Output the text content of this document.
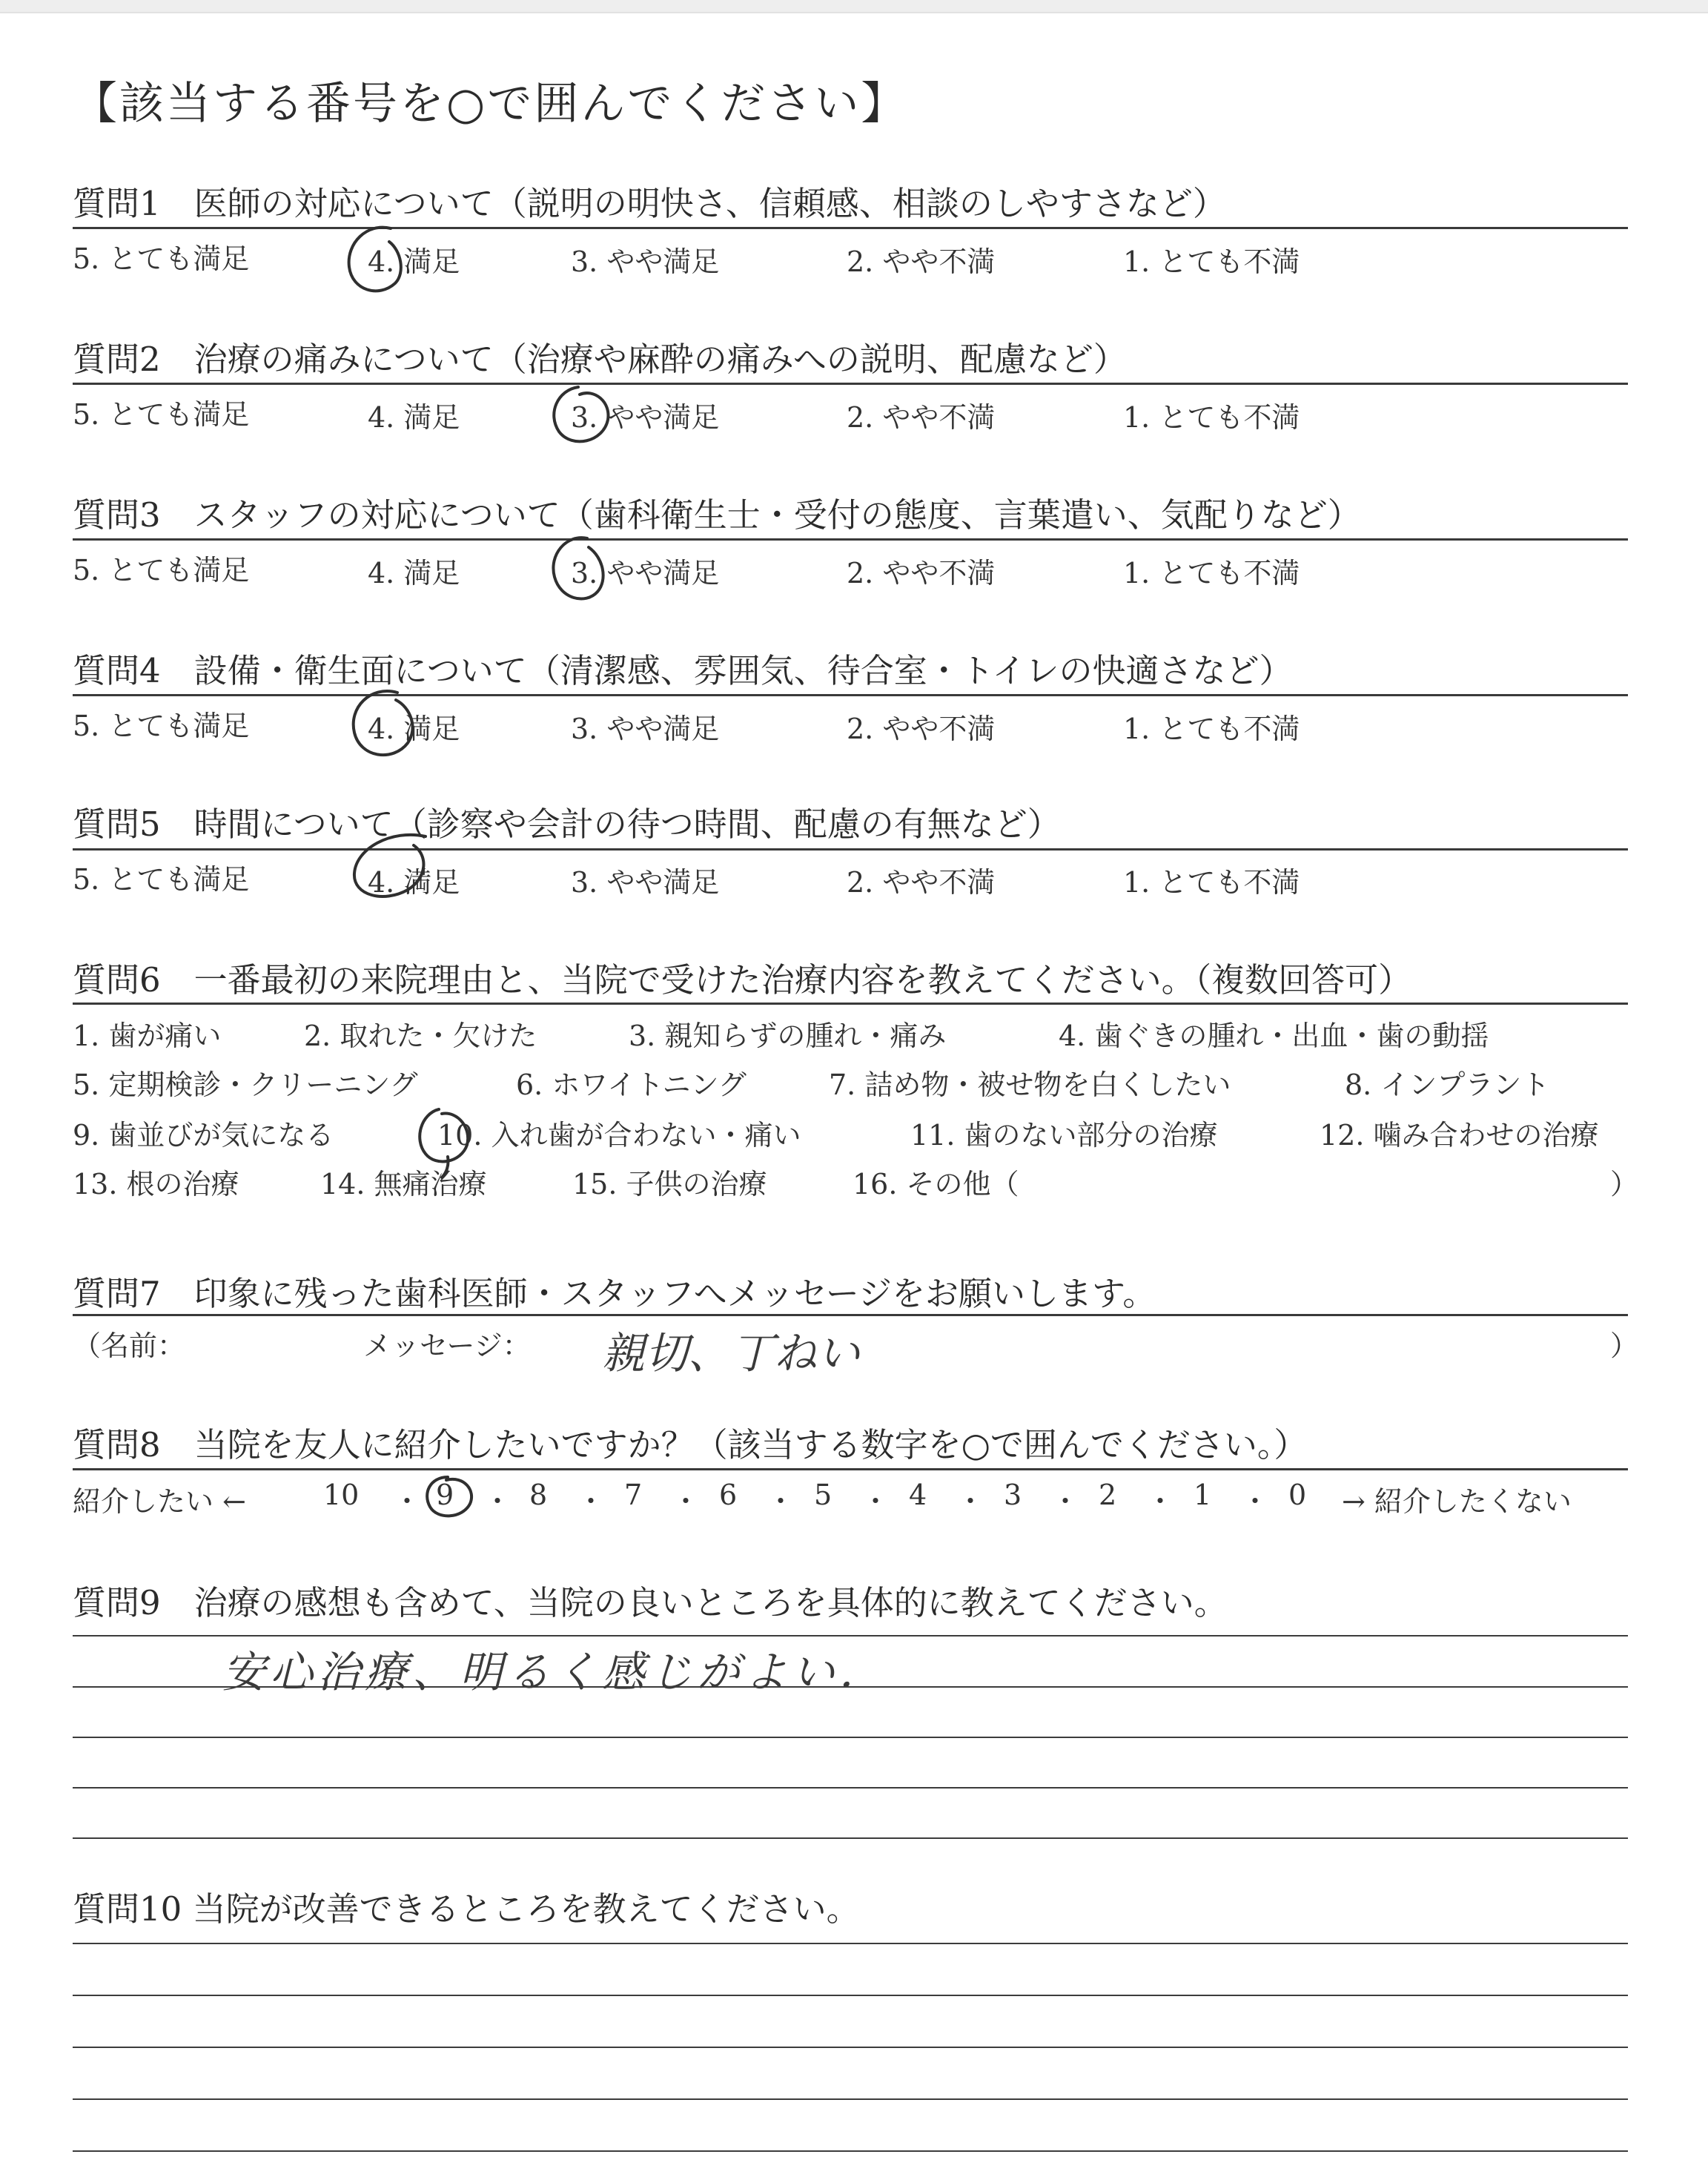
【該当する番号を○で囲んでください】
質問1　医師の対応について（説明の明快さ、信頼感、相談のしやすさなど）
5. とても満足	4. 満足	3. やや満足	2. やや不満	1. とても不満
質問2　治療の痛みについて（治療や麻酔の痛みへの説明、配慮など）
5. とても満足	4. 満足	3. やや満足	2. やや不満	1. とても不満
質問3　スタッフの対応について（歯科衛生士・受付の態度、言葉遣い、気配りなど）
5. とても満足	4. 満足	3. やや満足	2. やや不満	1. とても不満
質問4　設備・衛生面について（清潔感、雰囲気、待合室・トイレの快適さなど）
5. とても満足	4. 満足	3. やや満足	2. やや不満	1. とても不満
質問5　時間について（診察や会計の待つ時間、配慮の有無など）
5. とても満足	4. 満足	3. やや満足	2. やや不満	1. とても不満
質問6　一番最初の来院理由と、当院で受けた治療内容を教えてください。（複数回答可）
1. 歯が痛い	2. 取れた・欠けた	3. 親知らずの腫れ・痛み	4. 歯ぐきの腫れ・出血・歯の動揺
5. 定期検診・クリーニング	6. ホワイトニング	7. 詰め物・被せ物を白くしたい	8. インプラント
9. 歯並びが気になる	10. 入れ歯が合わない・痛い	11. 歯のない部分の治療	12. 噛み合わせの治療
13. 根の治療	14. 無痛治療	15. 子供の治療	16. その他（	）
質問7　印象に残った歯科医師・スタッフへメッセージをお願いします。
（名前：	メッセージ： 親切、丁ねい	）
質問8　当院を友人に紹介したいですか？（該当する数字を○で囲んでください。）
紹介したい ←	10 ・ 9 ・ 8 ・ 7 ・ 6 ・ 5 ・ 4 ・ 3 ・ 2 ・ 1 ・ 0 → 紹介したくない
質問9　治療の感想も含めて、当院の良いところを具体的に教えてください。
安心治療、明るく感じがよい．
質問10 当院が改善できるところを教えてください。
